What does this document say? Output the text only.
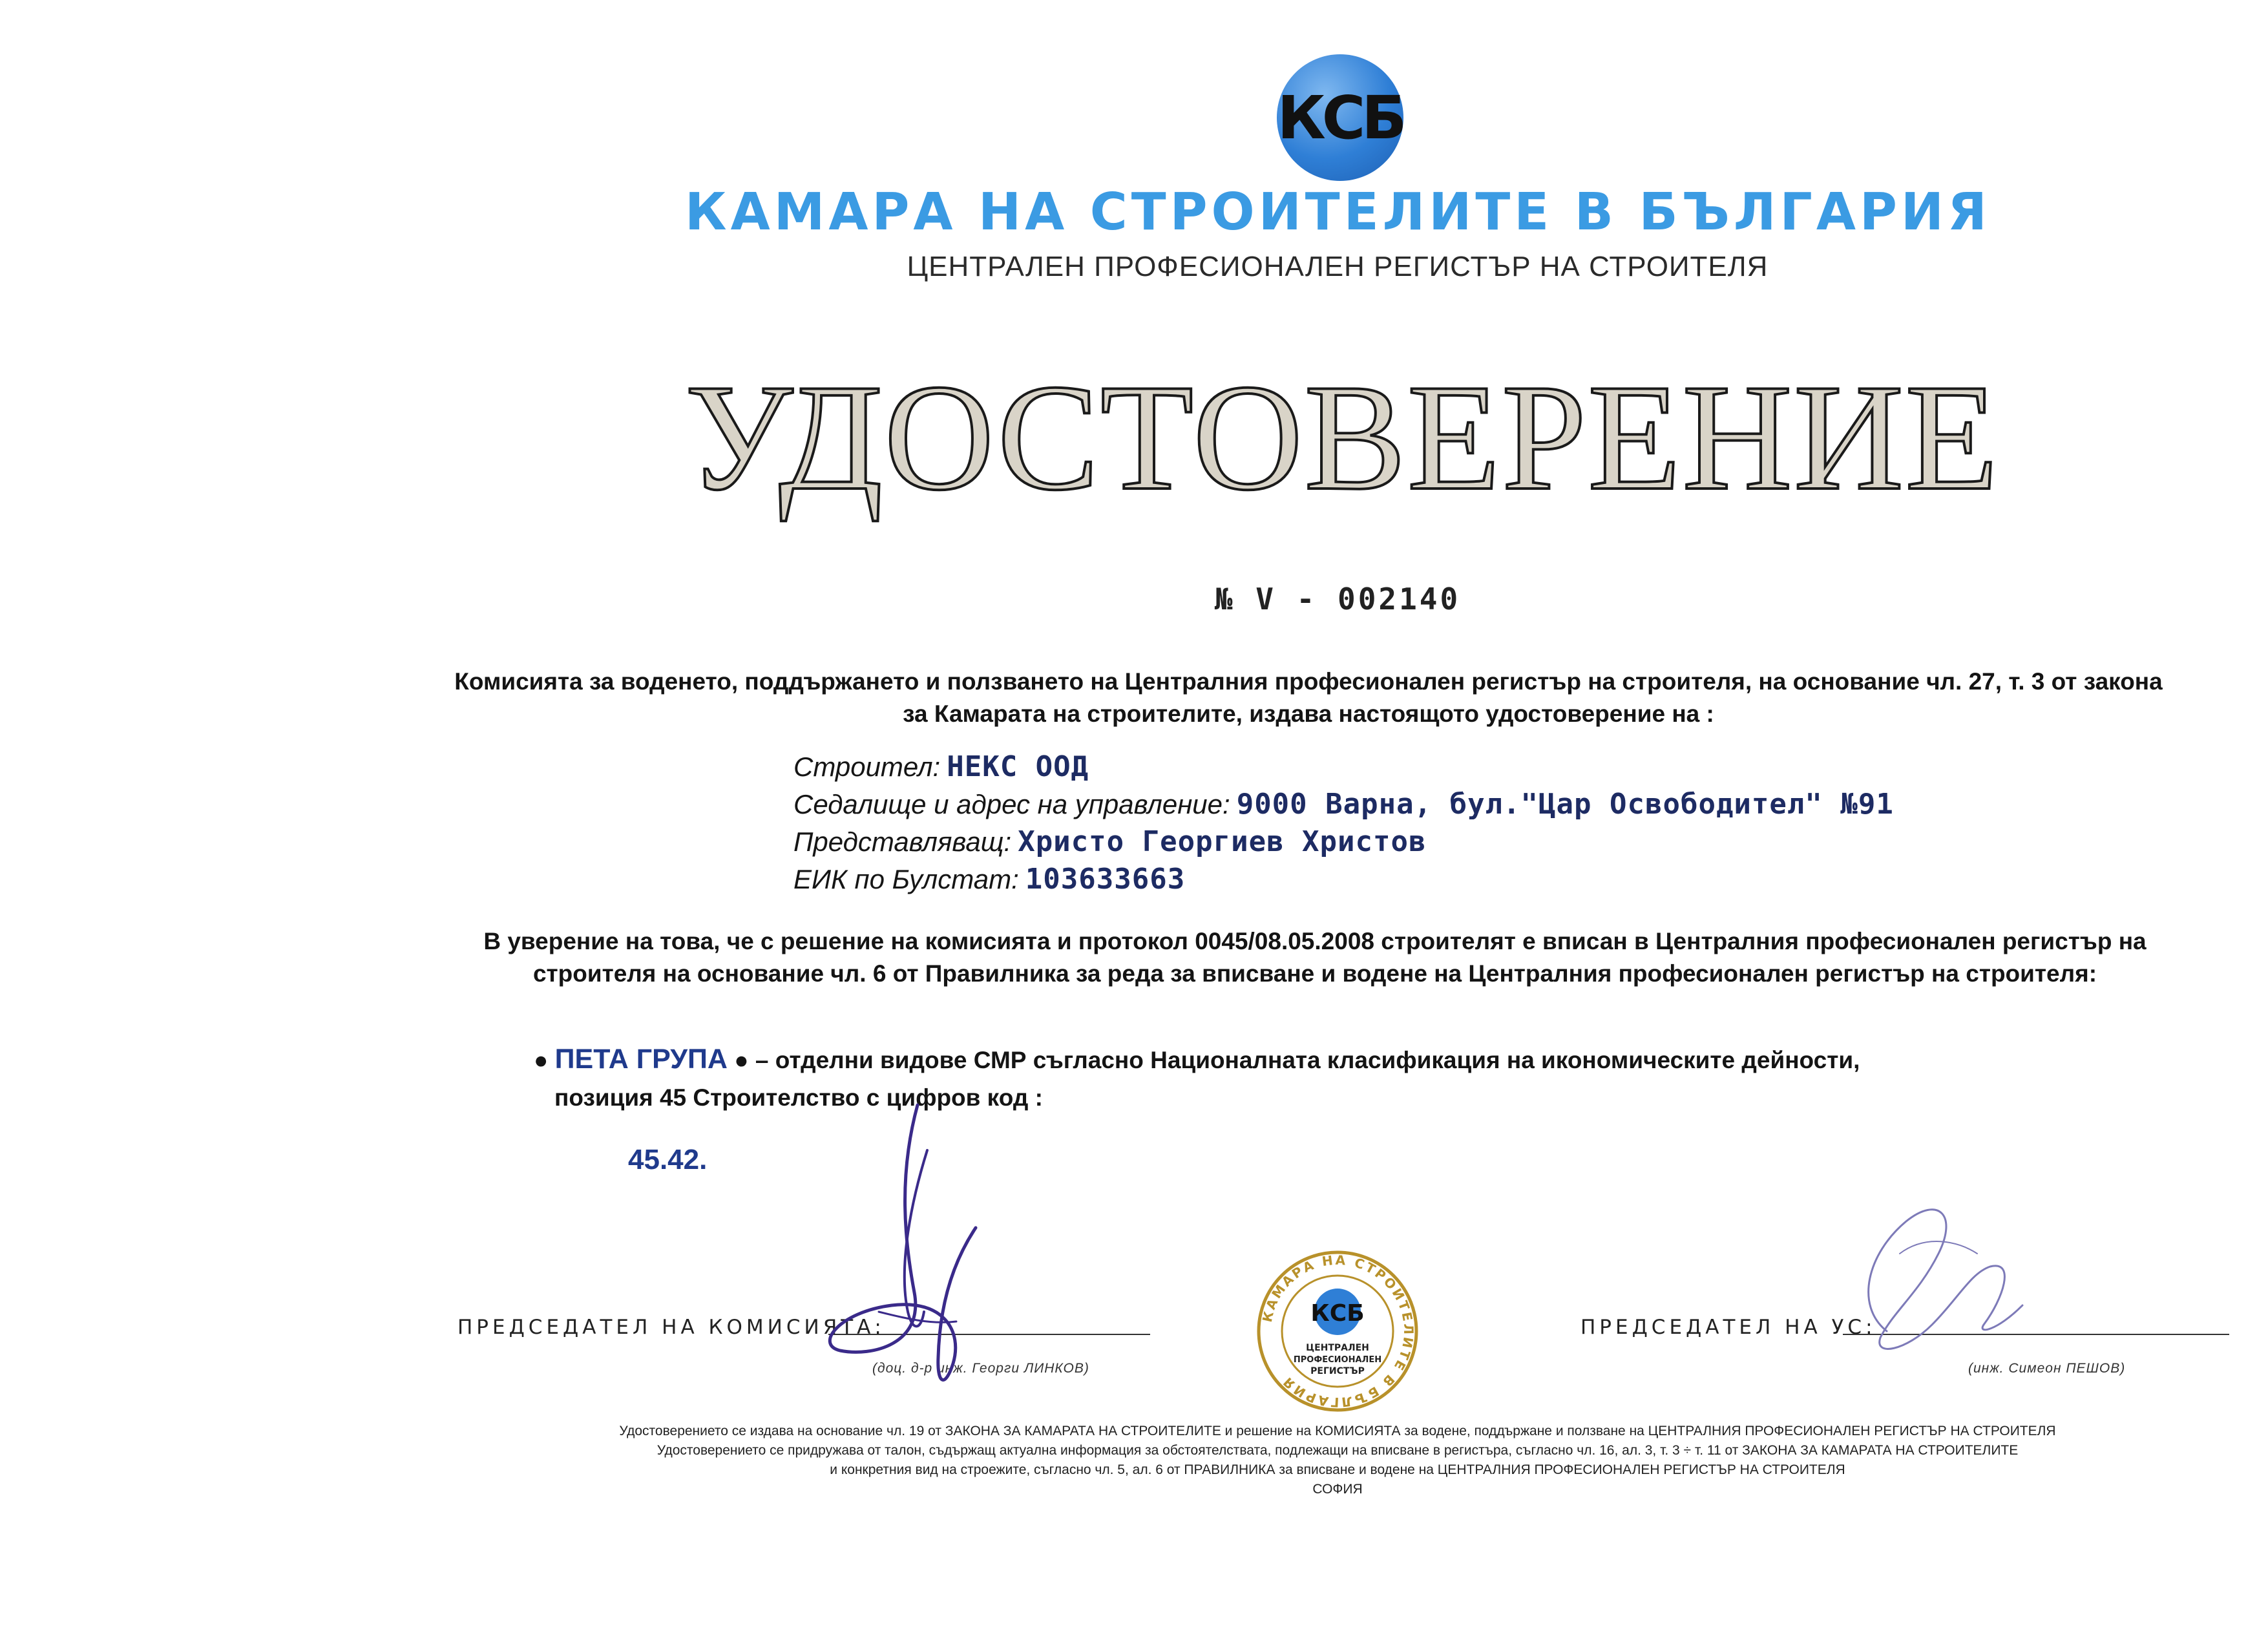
КСБ
КАМАРА НА СТРОИТЕЛИТЕ В БЪЛГАРИЯ
ЦЕНТРАЛЕН ПРОФЕСИОНАЛЕН РЕГИСТЪР НА СТРОИТЕЛЯ
УДОСТОВЕРЕНИЕ
№ V - 002140
Комисията за воденето, поддържането и ползването на Централния професионален регистър на строителя, на основание чл. 27, т. 3 от закона
за Камарата на строителите, издава настоящото удостоверение на :
Строител: НЕКС ООД
Седалище и адрес на управление: 9000 Варна, бул."Цар Освободител" №91
Представляващ: Христо Георгиев Христов
ЕИК по Булстат: 103633663
В уверение на това, че с решение на комисията и протокол 0045/08.05.2008 строителят е вписан в Централния професионален регистър на
строителя на основание чл. 6 от Правилника за реда за вписване и водене на Централния професионален регистър на строителя:
● ПЕТА ГРУПА ● – отделни видове СМР съгласно Националната класификация на икономическите дейности,
позиция 45 Строителство с цифров код :
45.42.
ПРЕДСЕДАТЕЛ НА КОМИСИЯТА:
(доц. д-р инж. Георги ЛИНКОВ)
ПРЕДСЕДАТЕЛ НА УС:
(инж. Симеон ПЕШОВ)
КАМАРА НА СТРОИТЕЛИТЕ В БЪЛГАРИЯ
КСБ
ЦЕНТРАЛЕН
ПРОФЕСИОНАЛЕН
РЕГИСТЪР
Удостоверението се издава на основание чл. 19 от ЗАКОНА ЗА КАМАРАТА НА СТРОИТЕЛИТЕ и решение на КОМИСИЯТА за водене, поддържане и ползване на ЦЕНТРАЛНИЯ ПРОФЕСИОНАЛЕН РЕГИСТЪР НА СТРОИТЕЛЯ
Удостоверението се придружава от талон, съдържащ актуална информация за обстоятелствата, подлежащи на вписване в регистъра, съгласно чл. 16, ал. 3, т. 3 ÷ т. 11 от ЗАКОНА ЗА КАМАРАТА НА СТРОИТЕЛИТЕ
и конкретния вид на строежите, съгласно чл. 5, ал. 6 от ПРАВИЛНИКА за вписване и водене на ЦЕНТРАЛНИЯ ПРОФЕСИОНАЛЕН РЕГИСТЪР НА СТРОИТЕЛЯ
СОФИЯ
